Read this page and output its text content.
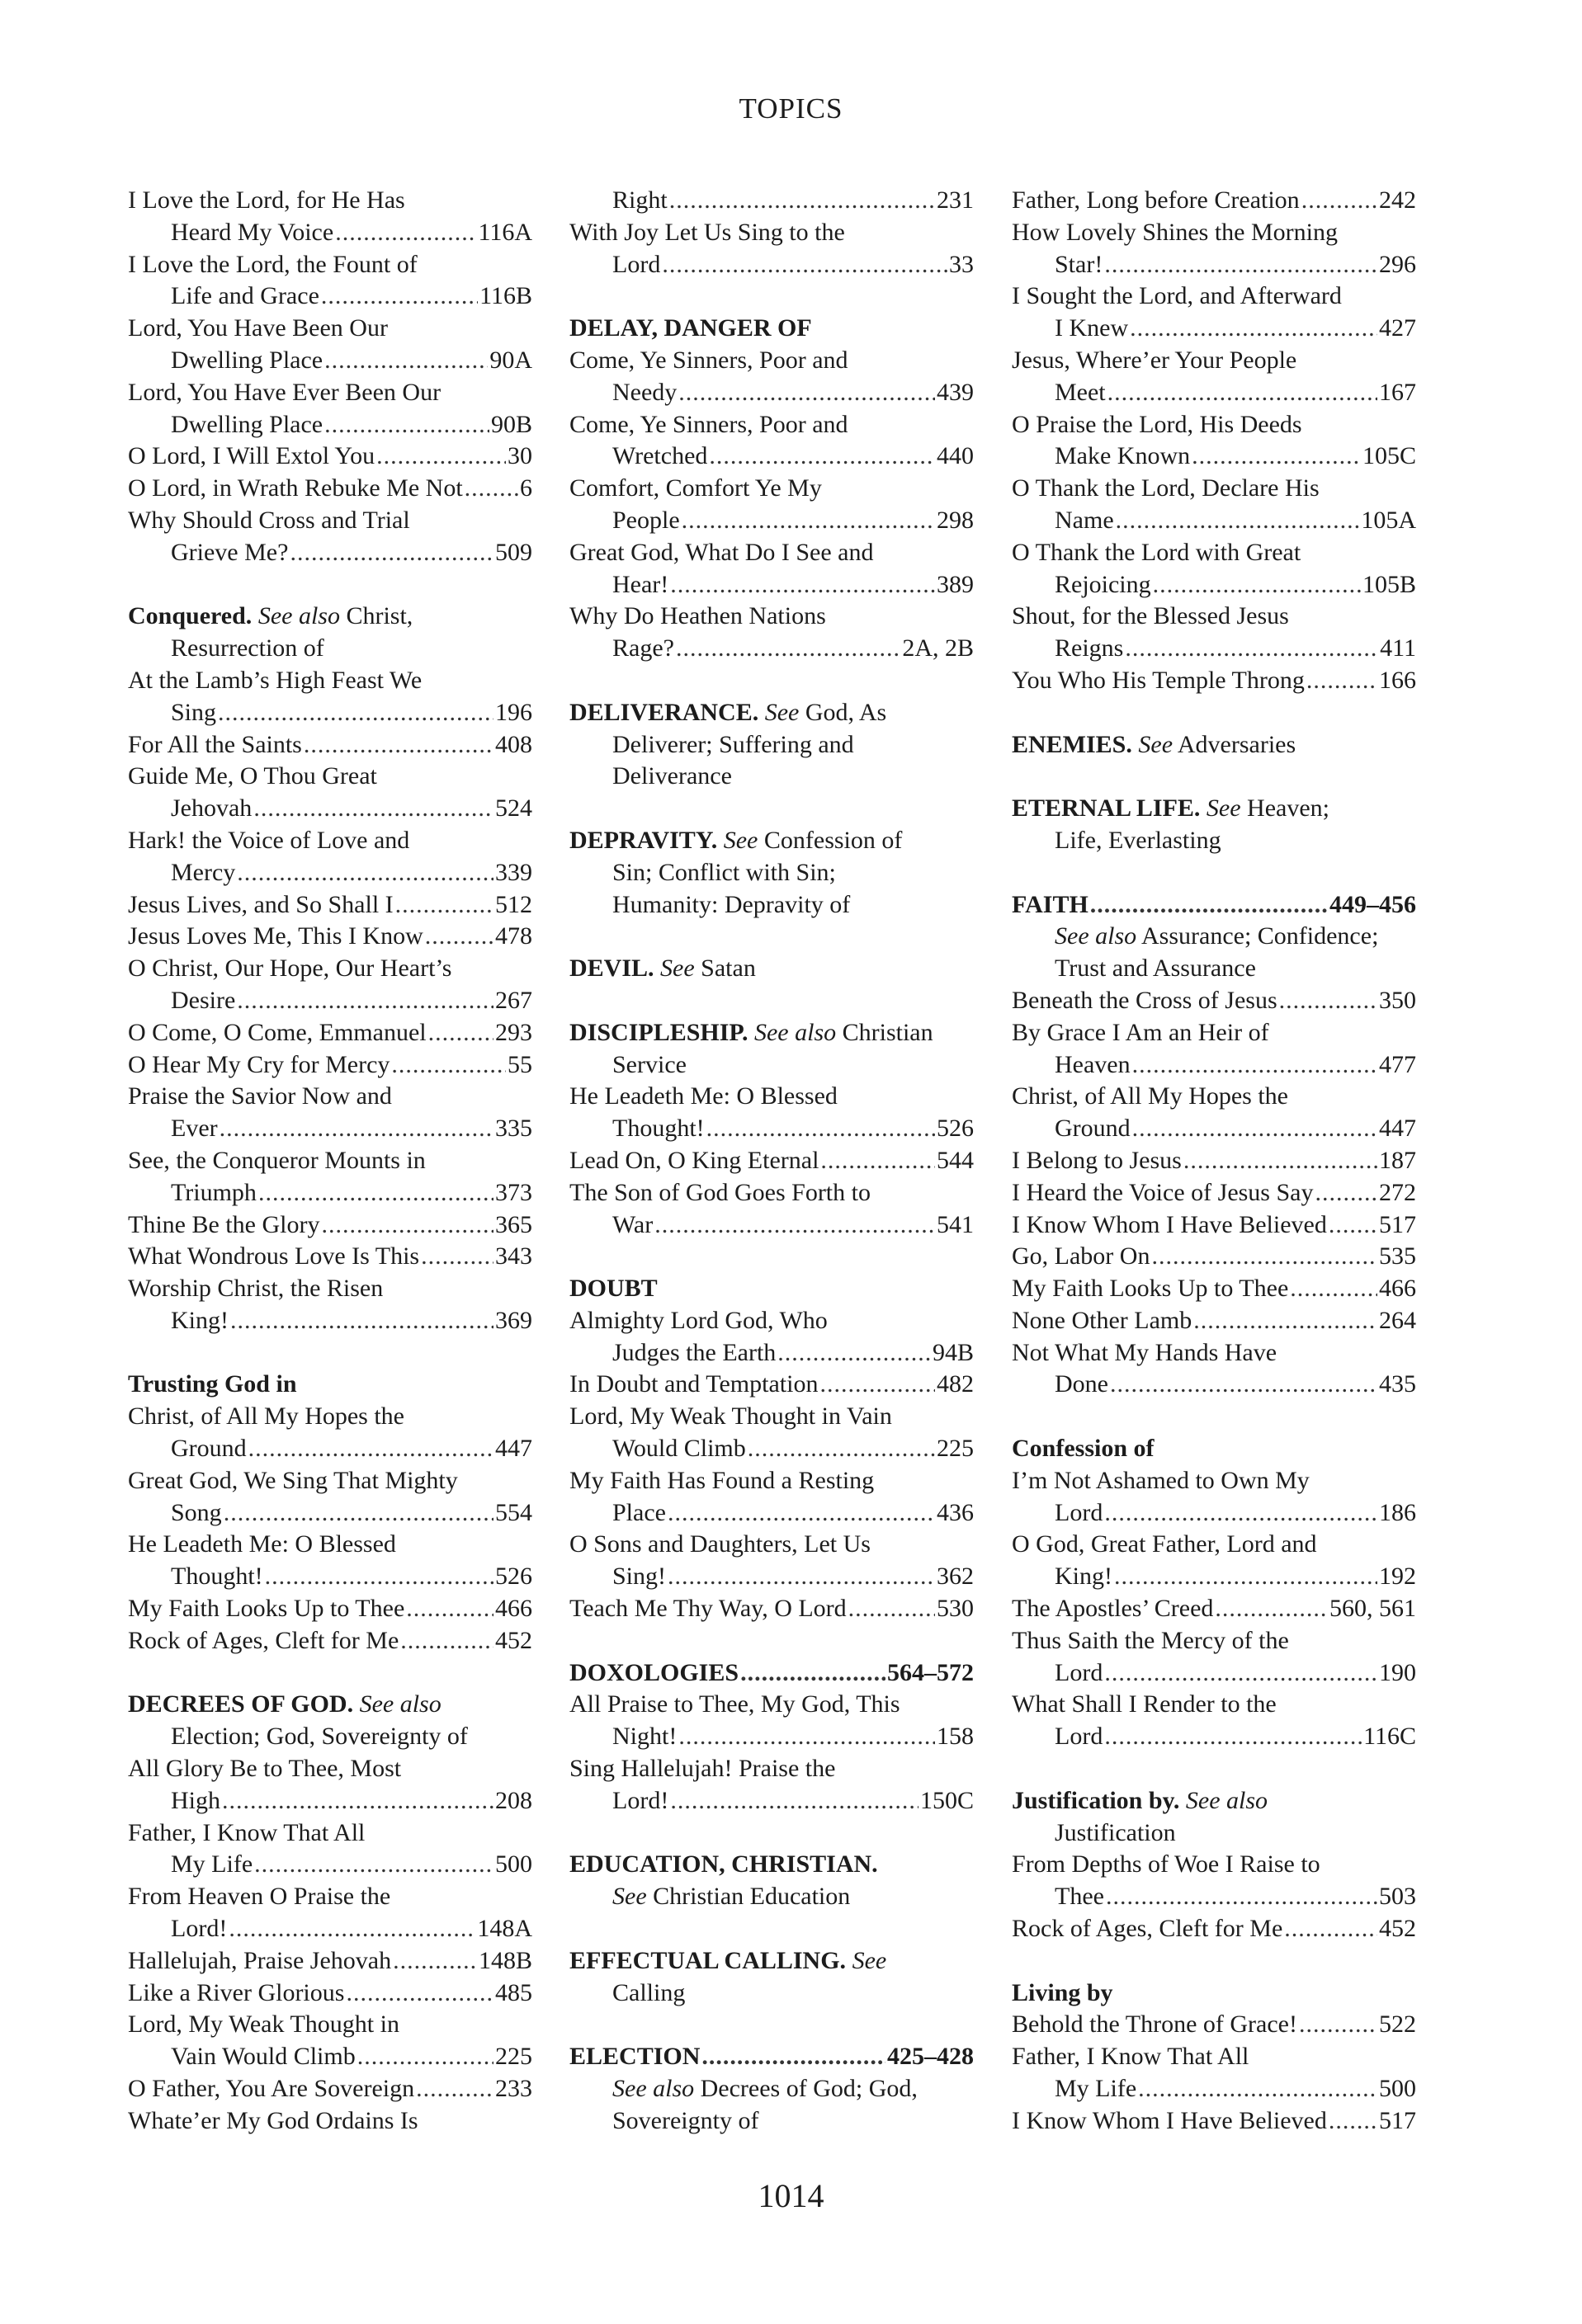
TOPICS
I Love the Lord, for He Has
Heard My Voice .....	116A
I Love the Lord, the Fount of
Life and Grace .....	116B
Lord, You Have Been Our
Dwelling Place .....	90A
Lord, You Have Ever Been Our
Dwelling Place .....	90B
O Lord, I Will Extol You .....	30
O Lord, in Wrath Rebuke Me Not ..... 6
Why Should Cross and Trial
Grieve Me? .....	509
Conquered. See also Christ,
Resurrection of
At the Lamb’s High Feast We
Sing .....	196
For All the Saints .....	408
Guide Me, O Thou Great
Jehovah .....	524
Hark! the Voice of Love and
Mercy .....	339
Jesus Lives, and So Shall I .....	512
Jesus Loves Me, This I Know .....	478
O Christ, Our Hope, Our Heart’s
Desire .....	267
O Come, O Come, Emmanuel .....	293
O Hear My Cry for Mercy .....	55
Praise the Savior Now and
Ever .....	335
See, the Conqueror Mounts in
Triumph .....	373
Thine Be the Glory .....	365
What Wondrous Love Is This .....	343
Worship Christ, the Risen
King! .....	369
Trusting God in
Christ, of All My Hopes the
Ground .....	447
Great God, We Sing That Mighty
Song .....	554
He Leadeth Me: O Blessed
Thought! .....	526
My Faith Looks Up to Thee .....	466
Rock of Ages, Cleft for Me .....	452
DECREES OF GOD. See also
Election; God, Sovereignty of
All Glory Be to Thee, Most
High .....	208
Father, I Know That All
My Life .....	500
From Heaven O Praise the
Lord! .....	148A
Hallelujah, Praise Jehovah .....	148B
Like a River Glorious .....	485
Lord, My Weak Thought in
Vain Would Climb .....	225
O Father, You Are Sovereign .....	233
Whate’er My God Ordains Is
Right .....	231
With Joy Let Us Sing to the
Lord .....	33
DELAY, DANGER OF
Come, Ye Sinners, Poor and
Needy .....	439
Come, Ye Sinners, Poor and
Wretched .....	440
Comfort, Comfort Ye My
People .....	298
Great God, What Do I See and
Hear! .....	389
Why Do Heathen Nations
Rage? .....	2A, 2B
DELIVERANCE. See God, As
Deliverer; Suffering and
Deliverance
DEPRAVITY. See Confession of
Sin; Conflict with Sin;
Humanity: Depravity of
DEVIL. See Satan
DISCIPLESHIP. See also Christian
Service
He Leadeth Me: O Blessed
Thought! .....	526
Lead On, O King Eternal .....	544
The Son of God Goes Forth to
War .....	541
DOUBT
Almighty Lord God, Who
Judges the Earth .....	94B
In Doubt and Temptation .....	482
Lord, My Weak Thought in Vain
Would Climb .....	225
My Faith Has Found a Resting
Place .....	436
O Sons and Daughters, Let Us
Sing! .....	362
Teach Me Thy Way, O Lord .....	530
DOXOLOGIES .....	564–572
All Praise to Thee, My God, This
Night! .....	158
Sing Hallelujah! Praise the
Lord! .....	150C
EDUCATION, CHRISTIAN.
See Christian Education
EFFECTUAL CALLING. See
Calling
ELECTION .....	425–428
See also Decrees of God; God,
Sovereignty of
Father, Long before Creation .....	242
How Lovely Shines the Morning
Star! .....	296
I Sought the Lord, and Afterward
I Knew .....	427
Jesus, Where’er Your People
Meet .....	167
O Praise the Lord, His Deeds
Make Known .....	105C
O Thank the Lord, Declare His
Name .....	105A
O Thank the Lord with Great
Rejoicing .....	105B
Shout, for the Blessed Jesus
Reigns .....	411
You Who His Temple Throng .....	166
ENEMIES. See Adversaries
ETERNAL LIFE. See Heaven;
Life, Everlasting
FAITH .....	449–456
See also Assurance; Confidence;
Trust and Assurance
Beneath the Cross of Jesus .....	350
By Grace I Am an Heir of
Heaven .....	477
Christ, of All My Hopes the
Ground .....	447
I Belong to Jesus .....	187
I Heard the Voice of Jesus Say .....	272
I Know Whom I Have Believed ..... 517
Go, Labor On .....	535
My Faith Looks Up to Thee .....	466
None Other Lamb .....	264
Not What My Hands Have
Done .....	435
Confession of
I’m Not Ashamed to Own My
Lord .....	186
O God, Great Father, Lord and
King! .....	192
The Apostles’ Creed .....	560, 561
Thus Saith the Mercy of the
Lord .....	190
What Shall I Render to the
Lord .....	116C
Justification by. See also
Justification
From Depths of Woe I Raise to
Thee .....	503
Rock of Ages, Cleft for Me .....	452
Living by
Behold the Throne of Grace! .....	522
Father, I Know That All
My Life .....	500
I Know Whom I Have Believed ..... 517
1014
